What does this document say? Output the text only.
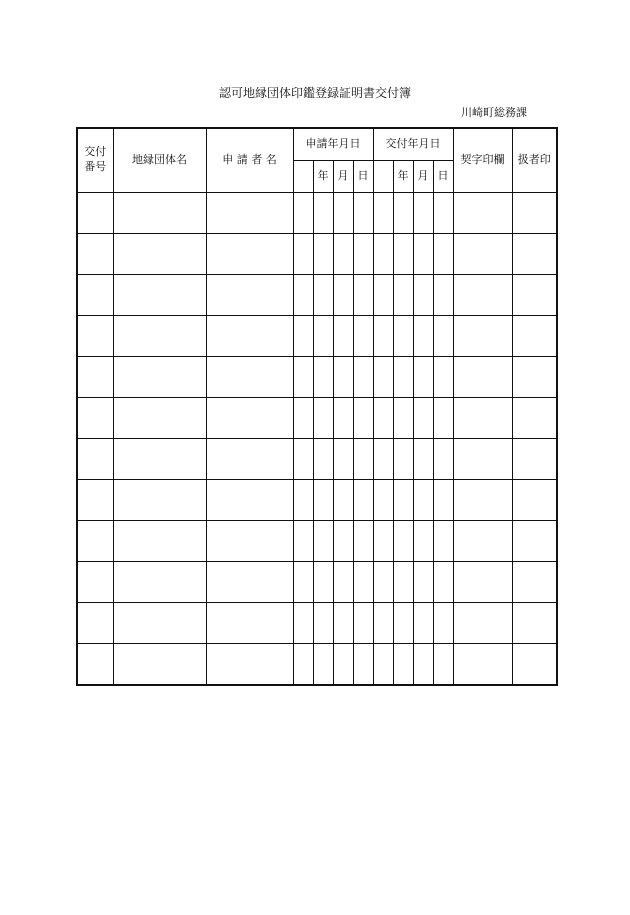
認可地縁団体印鑑登録証明書交付簿
川崎町総務課
交付
番号	地縁団体名	申 請 者 名	申請年月日				交付年月日				契字印欄	扱者印
				年	月	日		年	月	日		
